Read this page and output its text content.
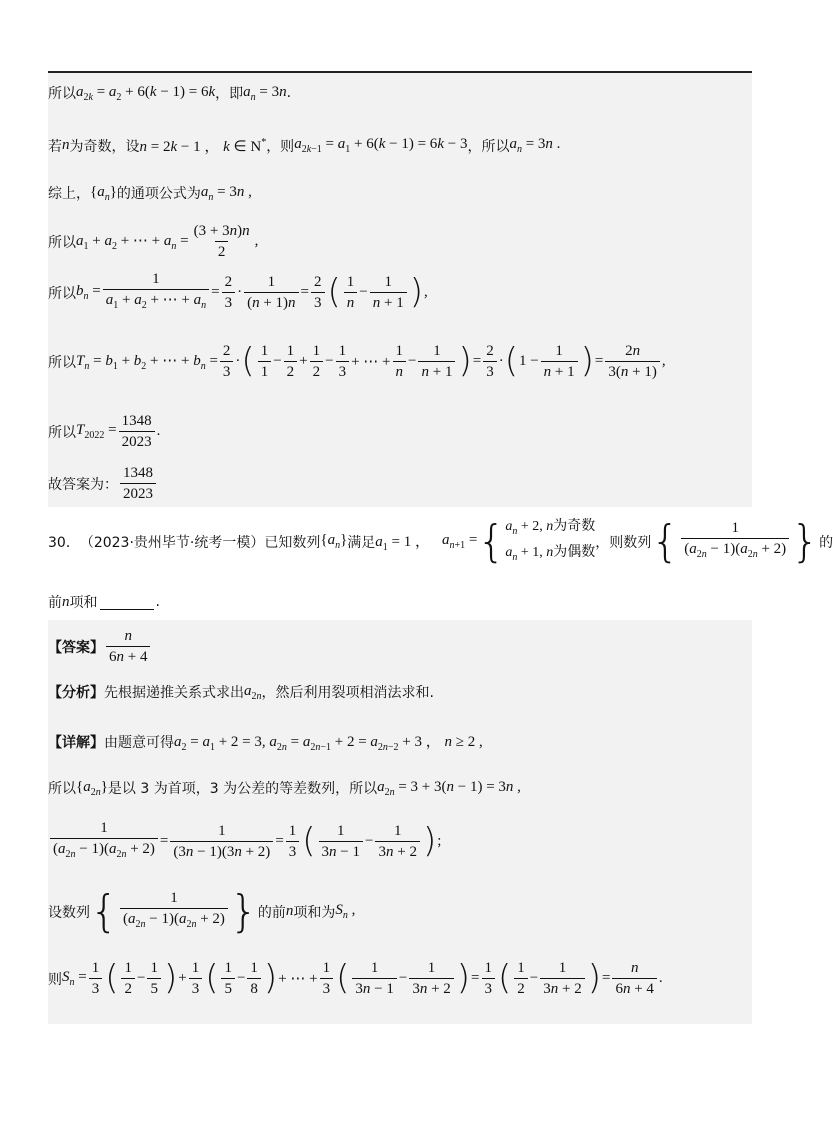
所以 $a_{2k} = a_2 + 6(k - 1) = 6k$ ，即 $a_n = 3n$ .
若 n 为奇数，设 n = 2k − 1 ， k ∈ N* ，则 $a_{2k-1} = a_1 + 6(k - 1) = 6k - 3$ ，所以 $a_n = 3n$ .
综上， $\{a_n\}$ 的通项公式为 $a_n = 3n$ ,
所以 $a_1 + a_2$ + ⋯ + $a_n = \frac{(3 + 3n)n}{2}$ ,
所以 $b_n = \frac{1}{a_1 + a_2 + \cdots + a_n} = \frac{2}{3} \cdot \frac{1}{(n + 1)n} = \frac{2}{3}$ ( $\frac{1}{n} - \frac{1}{n + 1}$ ) ,
所以 $T_n = b_1 + b_2$ + ⋯ + $b_n = \frac{2}{3}$ · ( $\frac{1}{1} - \frac{1}{2} + \frac{1}{2} - \frac{1}{3}$ + ⋯ + $\frac{1}{n} - \frac{1}{n + 1}$ ) = $\frac{2}{3}$ · ( $1 - \frac{1}{n + 1}$ ) = $\frac{2n}{3(n + 1)}$ ,
所以 $T_{2022} = \frac{1348}{2023}$ .
故答案为： $\frac{1348}{2023}$
30． （2023·贵州毕节·统考一模）已知数列 $\{a_n\}$ 满足 $a_1 = 1$ ， $a_{n+1}$ = { $a_n + 2$, n为奇数
$a_n + 1$, n为偶数
，则数列 { $\frac{1}{(a_{2n} - 1)(a_{2n} + 2)}$ } 的
前 n 项和	.
【答案】 $\frac{n}{6n + 4}$
【分析】 先根据递推关系式求出 $a_{2n}$ ，然后利用裂项相消法求和.
【详解】 由题意可得 $a_2 = a_1 + 2 = 3$, $a_{2n} = a_{2n-1} + 2 = a_{2n-2} + 3$ ， n ≥ 2 ,
所以 $\{a_{2n}\}$ 是以 3 为首项，3 为公差的等差数列，所以 $a_{2n} = 3 + 3(n - 1) = 3n$ ,
$\frac{1}{(a_{2n} - 1)(a_{2n} + 2)} = \frac{1}{(3n - 1)(3n + 2)} = \frac{1}{3}$ ( $\frac{1}{3n - 1} - \frac{1}{3n + 2}$ ) ;
设数列 { $\frac{1}{(a_{2n} - 1)(a_{2n} + 2)}$ } 的前 n 项和为 $S_n$ ,
则 $S_n = \frac{1}{3}$ ( $\frac{1}{2} - \frac{1}{5}$ ) + $\frac{1}{3}$ ( $\frac{1}{5} - \frac{1}{8}$ ) + ⋯ + $\frac{1}{3}$ ( $\frac{1}{3n - 1} - \frac{1}{3n + 2}$ ) = $\frac{1}{3}$ ( $\frac{1}{2} - \frac{1}{3n + 2}$ ) = $\frac{n}{6n + 4}$ .
